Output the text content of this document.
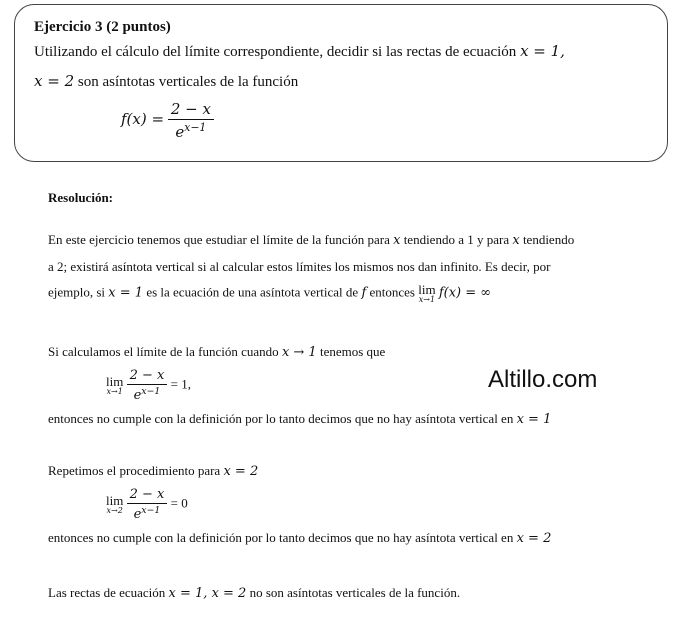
Ejercicio 3 (2 puntos)
Utilizando el cálculo del límite correspondiente, decidir si las rectas de ecuación x = 1,
x = 2 son asíntotas verticales de la función
$f(x) = \frac{2 - x}{e^{x-1}}$
Resolución:
En este ejercicio tenemos que estudiar el límite de la función para x tendiendo a 1 y para x tendiendo
a 2; existirá asíntota vertical si al calcular estos límites los mismos nos dan infinito. Es decir, por
ejemplo, si x = 1 es la ecuación de una asíntota vertical de f entonces lim
x→1 f(x) = ∞
Si calculamos el límite de la función cuando x → 1 tenemos que
lim
x→1
$\frac{2 - x}{e^{x-1}} = 1$,
entonces no cumple con la definición por lo tanto decimos que no hay asíntota vertical en x = 1
Repetimos el procedimiento para x = 2
lim
x→2
$\frac{2 - x}{e^{x-1}} = 0$
entonces no cumple con la definición por lo tanto decimos que no hay asíntota vertical en x = 2
Las rectas de ecuación x = 1, x = 2 no son asíntotas verticales de la función.
Altillo.com
